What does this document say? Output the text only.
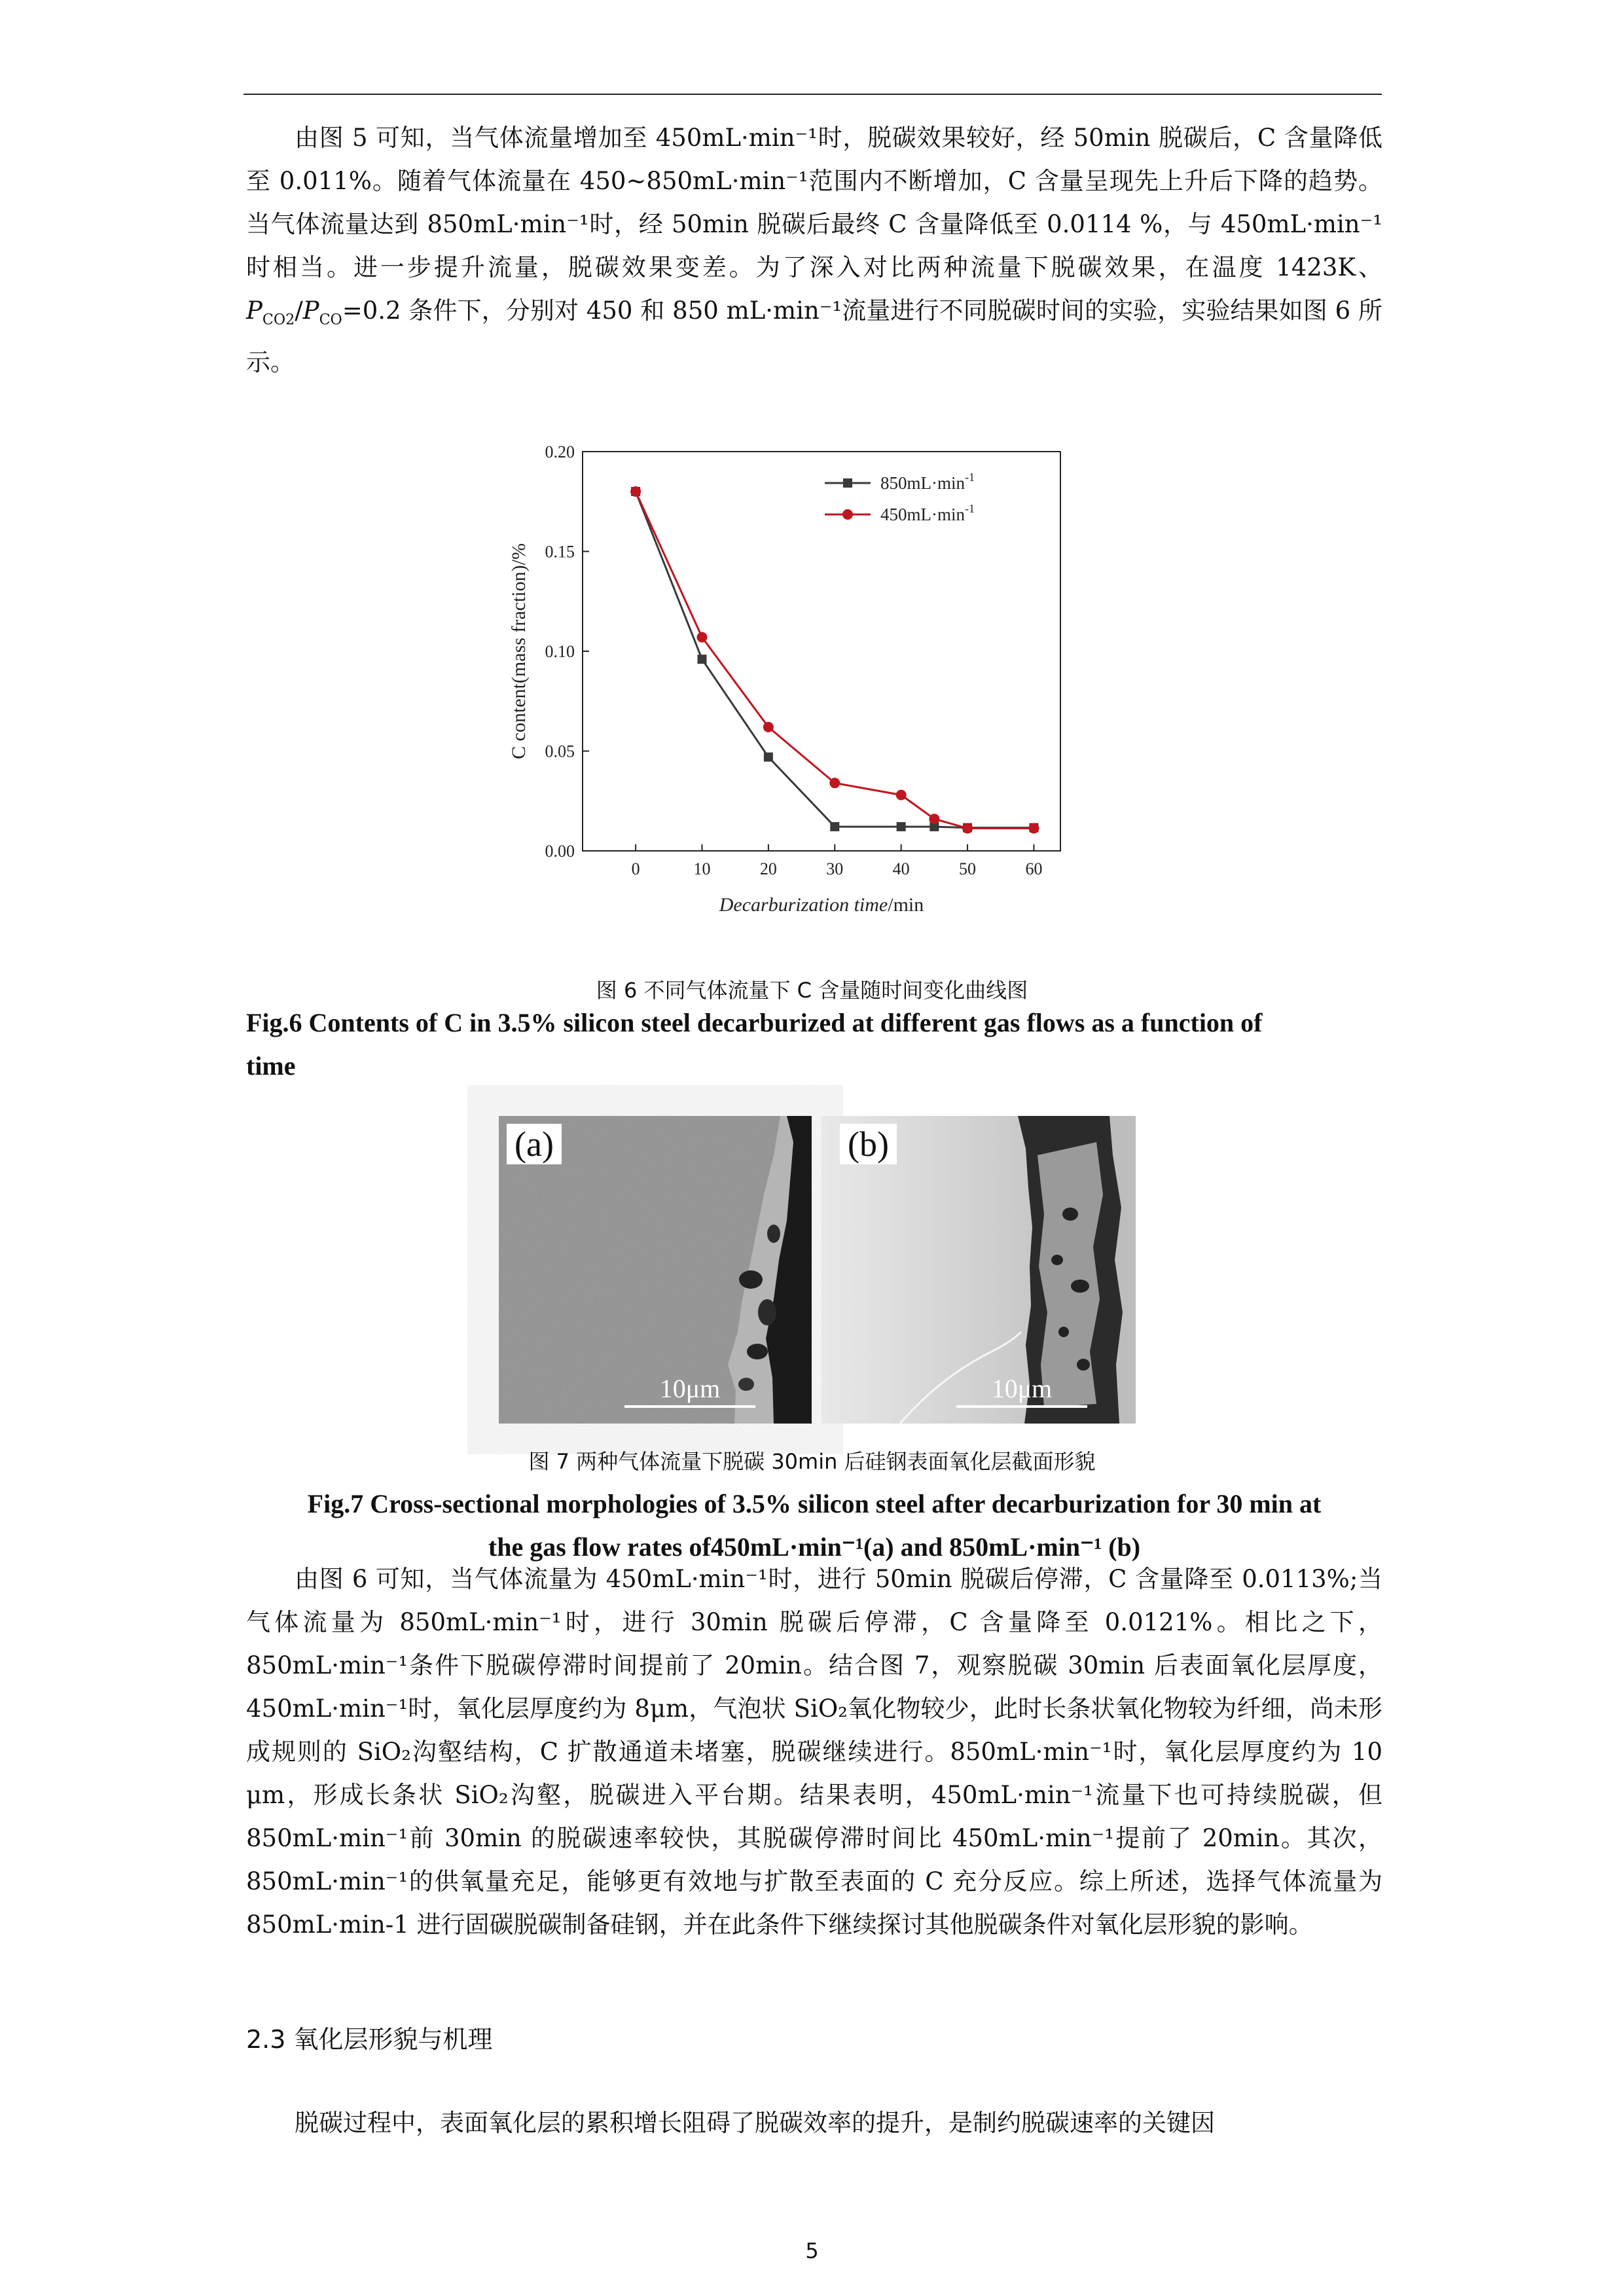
由图 5 可知，当气体流量增加至 450mL·min⁻¹时，脱碳效果较好，经 50min 脱碳后，C 含量降低至 0.011%。随着气体流量在 450~850mL·min⁻¹范围内不断增加，C 含量呈现先上升后下降的趋势。当气体流量达到 850mL·min⁻¹时，经 50min 脱碳后最终 C 含量降低至 0.0114 %，与 450mL·min⁻¹时相当。进一步提升流量，脱碳效果变差。为了深入对比两种流量下脱碳效果，在温度 1423K、$P_{CO2}/P_{CO}=0.2$ 条件下，分别对 450 和 850 mL·min⁻¹流量进行不同脱碳时间的实验，实验结果如图 6 所示。

0.00
0.05
0.10
0.15
0.20
0	10	20	30	40	50	60
Decarburization time/min
C content(mass fraction)/%
$850mL\cdot\min^{-1}$
$450mL\cdot\min^{-1}$
图 6 不同气体流量下 C 含量随时间变化曲线图
Fig.6 Contents of C in 3.5% silicon steel decarburized at different gas flows as a function of
time
(a)
10μm
(b)
10μm
图 7 两种气体流量下脱碳 30min 后硅钢表面氧化层截面形貌
Fig.7 Cross-sectional morphologies of 3.5% silicon steel after decarburization for 30 min at
the gas flow rates of450mL·min⁻¹(a) and 850mL·min⁻¹ (b)

由图 6 可知，当气体流量为 450mL·min⁻¹时，进行 50min 脱碳后停滞，C 含量降至 0.0113%;当气体流量为 850mL·min⁻¹时，进行 30min 脱碳后停滞，C 含量降至 0.0121%。相比之下，850mL·min⁻¹条件下脱碳停滞时间提前了 20min。结合图 7，观察脱碳 30min 后表面氧化层厚度，450mL·min⁻¹时，氧化层厚度约为 8μm，气泡状 SiO₂氧化物较少，此时长条状氧化物较为纤细，尚未形成规则的 SiO₂沟壑结构，C 扩散通道未堵塞，脱碳继续进行。850mL·min⁻¹时，氧化层厚度约为 10 μm，形成长条状 SiO₂沟壑，脱碳进入平台期。结果表明，450mL·min⁻¹流量下也可持续脱碳，但 850mL·min⁻¹前 30min 的脱碳速率较快，其脱碳停滞时间比 450mL·min⁻¹提前了 20min。其次，850mL·min⁻¹的供氧量充足，能够更有效地与扩散至表面的 C 充分反应。综上所述，选择气体流量为 850mL·min-1 进行固碳脱碳制备硅钢，并在此条件下继续探讨其他脱碳条件对氧化层形貌的影响。

2.3 氧化层形貌与机理

脱碳过程中，表面氧化层的累积增长阻碍了脱碳效率的提升，是制约脱碳速率的关键因

5
